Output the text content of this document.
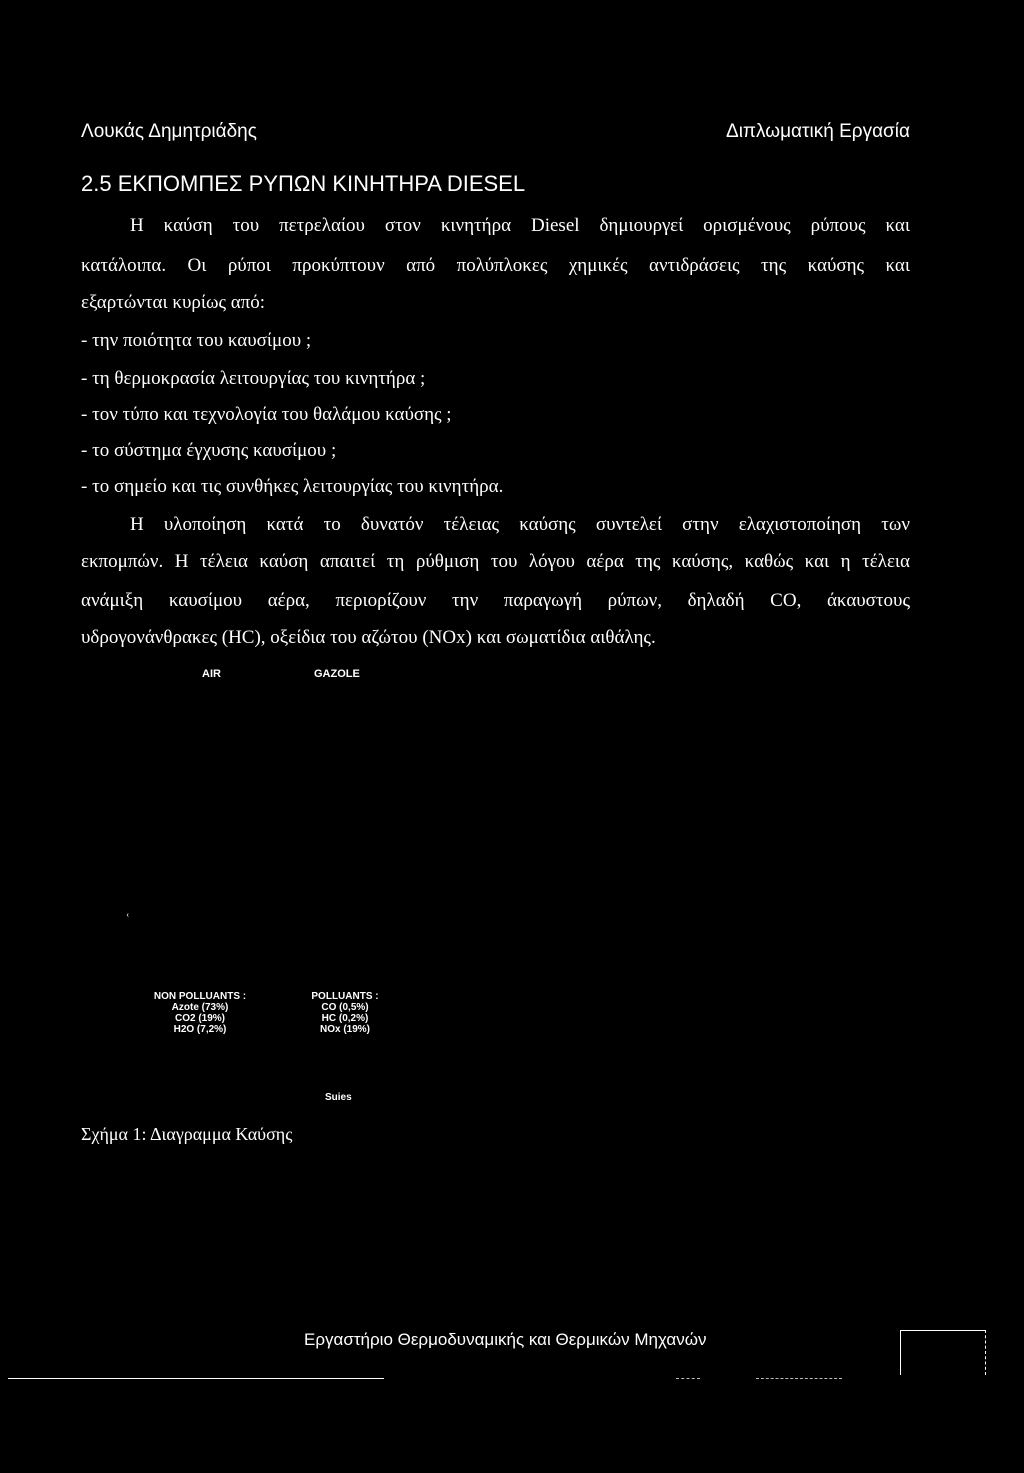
Λουκάς Δημητριάδης	Διπλωματική Εργασία
2.5 ΕΚΠΟΜΠΕΣ ΡΥΠΩΝ ΚΙΝΗΤΗΡΑ DIESEL
Η καύση του πετρελαίου στον κινητήρα Diesel δημιουργεί ορισμένους ρύπους και
κατάλοιπα. Οι ρύποι προκύπτουν από πολύπλοκες χημικές αντιδράσεις της καύσης και
εξαρτώνται κυρίως από:
- την ποιότητα του καυσίμου ;
- τη θερμοκρασία λειτουργίας του κινητήρα ;
- τον τύπο και τεχνολογία του θαλάμου καύσης ;
- το σύστημα έγχυσης καυσίμου ;
- το σημείο και τις συνθήκες λειτουργίας του κινητήρα.
Η υλοποίηση κατά το δυνατόν τέλειας καύσης συντελεί στην ελαχιστοποίηση των
εκπομπών. Η τέλεια καύση απαιτεί τη ρύθμιση του λόγου αέρα της καύσης, καθώς και η τέλεια
ανάμιξη καυσίμου αέρα, περιορίζουν την παραγωγή ρύπων, δηλαδή CO, άκαυστους
υδρογονάνθρακες (HC), οξείδια του αζώτου (NOx) και σωματίδια αιθάλης.
AIR	GAZOLE
ʿ
NON POLLUANTS :
Azote (73%)
CO2 (19%)
H2O (7,2%)
POLLUANTS :
CO (0,5%)
HC (0,2%)
NOx (19%)
Suies
Σχήμα 1: Διαγραμμα Καύσης
Εργαστήριο Θερμοδυναμικής και Θερμικών Μηχανών
